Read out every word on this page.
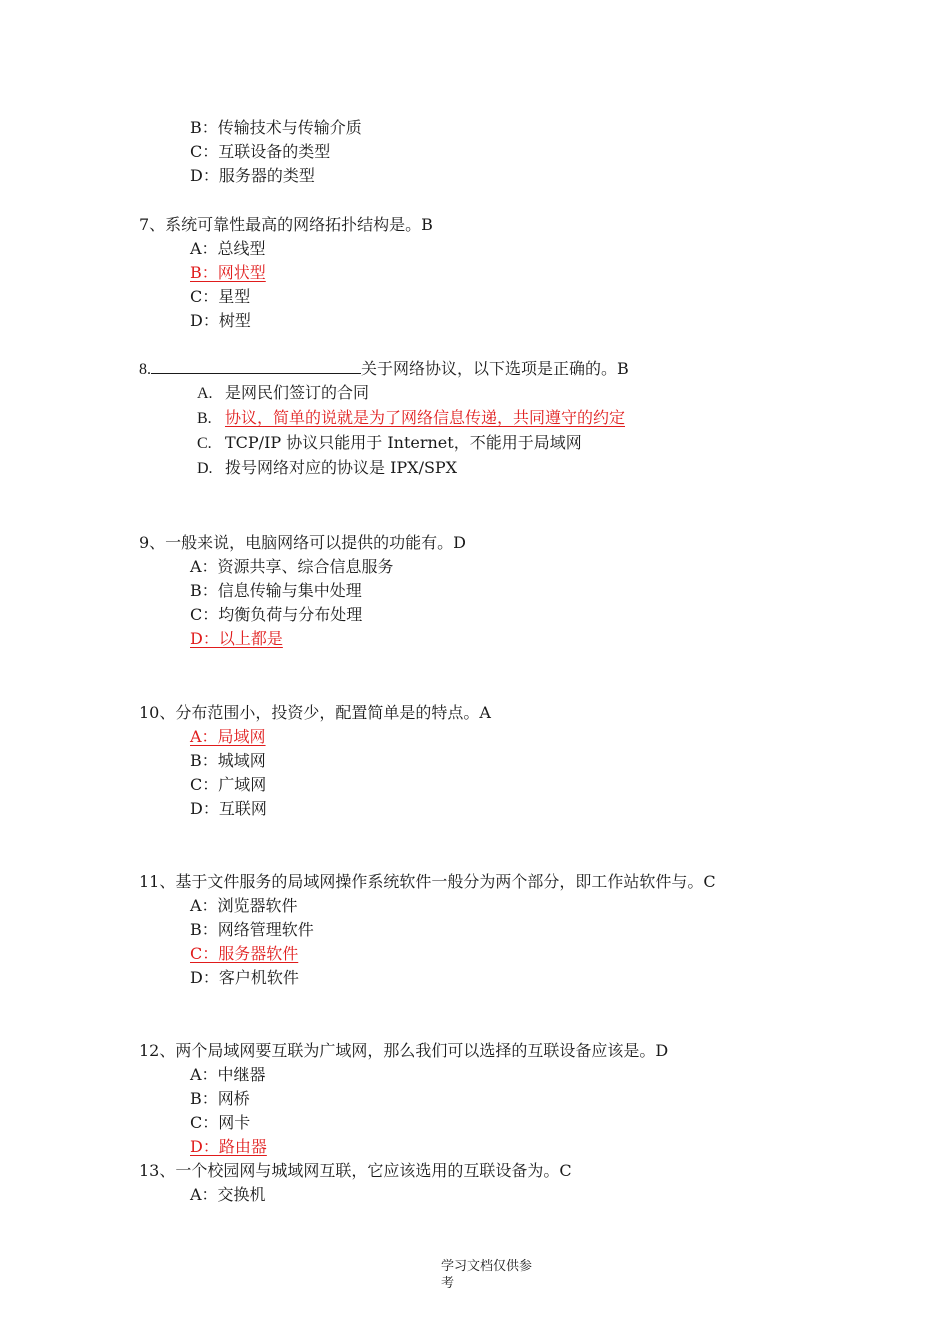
B：传输技术与传输介质
C：互联设备的类型
D：服务器的类型
7、系统可靠性最高的网络拓扑结构是。B
A：总线型
B：网状型
C：星型
D：树型
8.	关于网络协议，以下选项是正确的。B
A. 是网民们签订的合同
B. 协议，简单的说就是为了网络信息传递，共同遵守的约定
C. TCP/IP 协议只能用于 Internet，不能用于局域网
D. 拨号网络对应的协议是 IPX/SPX
9、一般来说，电脑网络可以提供的功能有。D
A：资源共享、综合信息服务
B：信息传输与集中处理
C：均衡负荷与分布处理
D：以上都是
10、分布范围小，投资少，配置简单是的特点。A
A：局域网
B：城域网
C：广域网
D：互联网
11、基于文件服务的局域网操作系统软件一般分为两个部分，即工作站软件与。C
A：浏览器软件
B：网络管理软件
C：服务器软件
D：客户机软件
12、两个局域网要互联为广域网，那么我们可以选择的互联设备应该是。D
A：中继器
B：网桥
C：网卡
D：路由器
13、一个校园网与城域网互联，它应该选用的互联设备为。C
A：交换机
学习文档仅供参考
